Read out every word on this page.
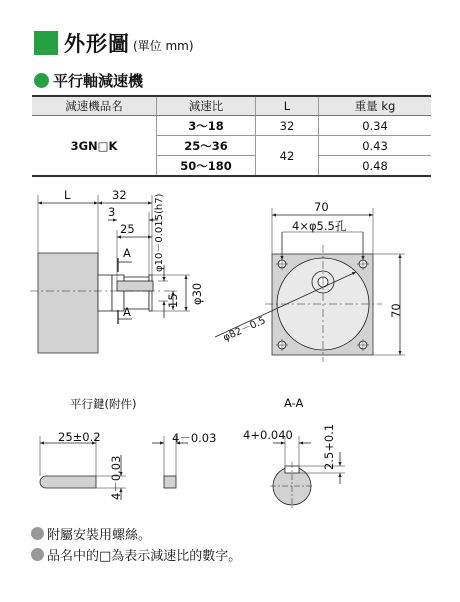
外形圖 (單位 mm)
平行軸減速機
減速機品名	減速比	L	重量 kg
3GN□K	3～18	32	0.34
	25～36	42	0.43
	50～180		0.48
L	32
3
25
A
A
φ10－0.015(h7)
15 φ30
70
4×φ5.5孔
70
φ82－0.5
平行鍵(附件)
25±0.2
4－0.03
4－0.03
A-A
4+0.040	2.5+0.1
附屬安裝用螺絲。
品名中的□為表示減速比的數字。
